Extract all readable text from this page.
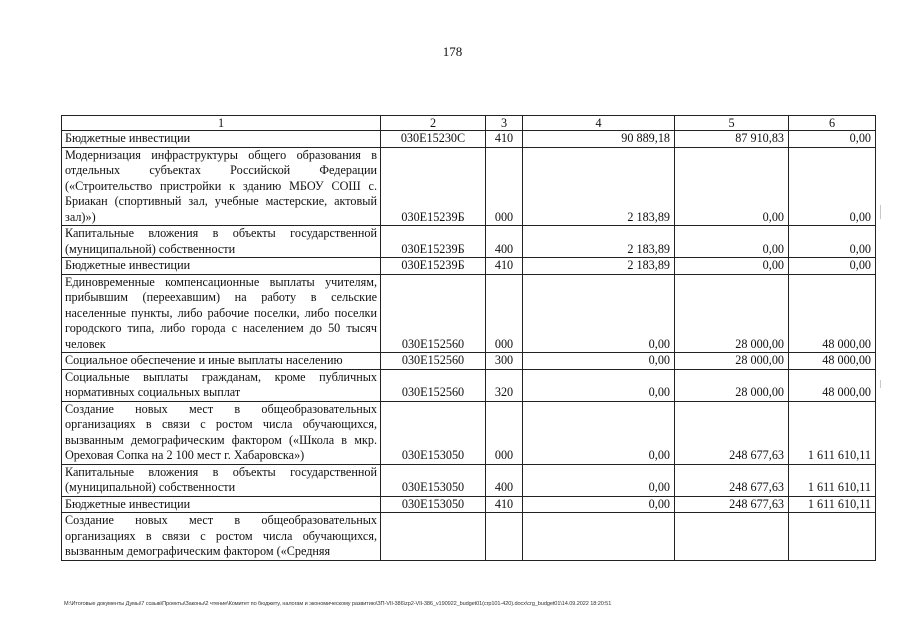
178
1	2	3	4	5	6
Бюджетные инвестиции	030E15230С	410	90 889,18	87 910,83	0,00
Модернизация инфраструктуры общего образования в отдельных субъектах Российской Федерации («Строительство пристройки к зданию МБОУ СОШ с. Бриакан (спортивный зал, учебные мастерские, актовый зал)»)	030E15239Б	000	2 183,89	0,00	0,00
Капитальные вложения в объекты государственной (муниципальной) собственности	030E15239Б	400	2 183,89	0,00	0,00
Бюджетные инвестиции	030E15239Б	410	2 183,89	0,00	0,00
Единовременные компенсационные выплаты учителям, прибывшим (переехавшим) на работу в сельские населенные пункты, либо рабочие поселки, либо поселки городского типа, либо города с населением до 50 тысяч человек	030E152560	000	0,00	28 000,00	48 000,00
Социальное обеспечение и иные выплаты населению	030E152560	300	0,00	28 000,00	48 000,00
Социальные выплаты гражданам, кроме публичных нормативных социальных выплат	030E152560	320	0,00	28 000,00	48 000,00
Создание новых мест в общеобразовательных организациях в связи с ростом числа обучающихся, вызванным демографическим фактором («Школа в мкр. Ореховая Сопка на 2 100 мест г. Хабаровска»)	030E153050	000	0,00	248 677,63	1 611 610,11
Капитальные вложения в объекты государственной (муниципальной) собственности	030E153050	400	0,00	248 677,63	1 611 610,11
Бюджетные инвестиции	030E153050	410	0,00	248 677,63	1 611 610,11
Создание новых мест в общеобразовательных организациях в связи с ростом числа обучающихся, вызванным демографическим фактором («Средняя					
M:\Итоговые документы Думы\7 созыв\Проекты\Законы\2 чтение\Комитет по бюджету, налогам и экономическому развитию\ЗП-VII-386\zp2-VII-386_v190922_budget01(crp101-420).docx\crg_budget01\14.09.2022 18:20:51
